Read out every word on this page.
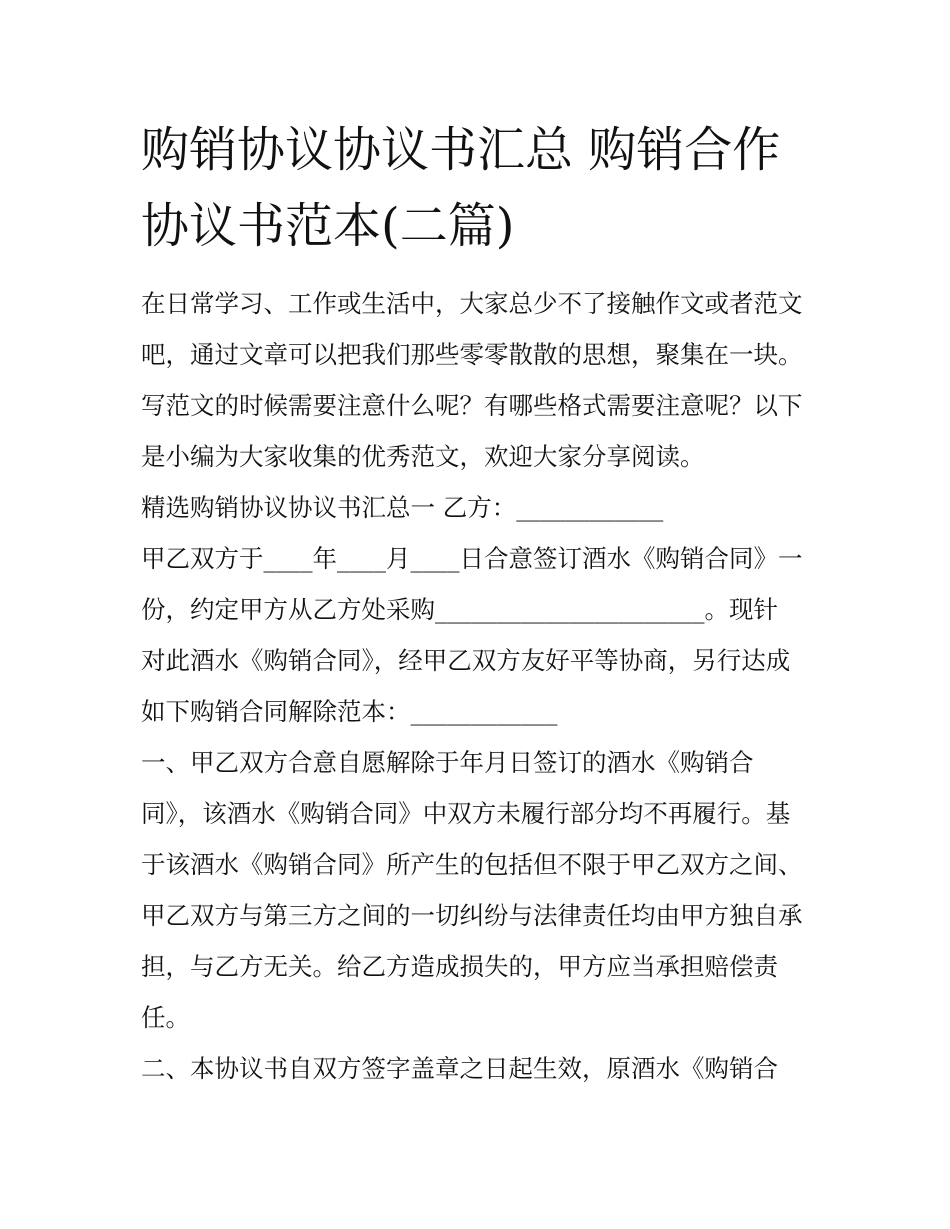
购销协议协议书汇总 购销合作
协议书范本(二篇)
在日常学习、工作或生活中，大家总少不了接触作文或者范文
吧，通过文章可以把我们那些零零散散的思想，聚集在一块。
写范文的时候需要注意什么呢？有哪些格式需要注意呢？以下
是小编为大家收集的优秀范文，欢迎大家分享阅读。
精选购销协议协议书汇总一 乙方：____________
甲乙双方于____年____月____日合意签订酒水《购销合同》一
份，约定甲方从乙方处采购______________________。现针
对此酒水《购销合同》，经甲乙双方友好平等协商，另行达成
如下购销合同解除范本：____________
一、甲乙双方合意自愿解除于年月日签订的酒水《购销合
同》，该酒水《购销合同》中双方未履行部分均不再履行。基
于该酒水《购销合同》所产生的包括但不限于甲乙双方之间、
甲乙双方与第三方之间的一切纠纷与法律责任均由甲方独自承
担，与乙方无关。给乙方造成损失的，甲方应当承担赔偿责
任。
二、本协议书自双方签字盖章之日起生效，原酒水《购销合
